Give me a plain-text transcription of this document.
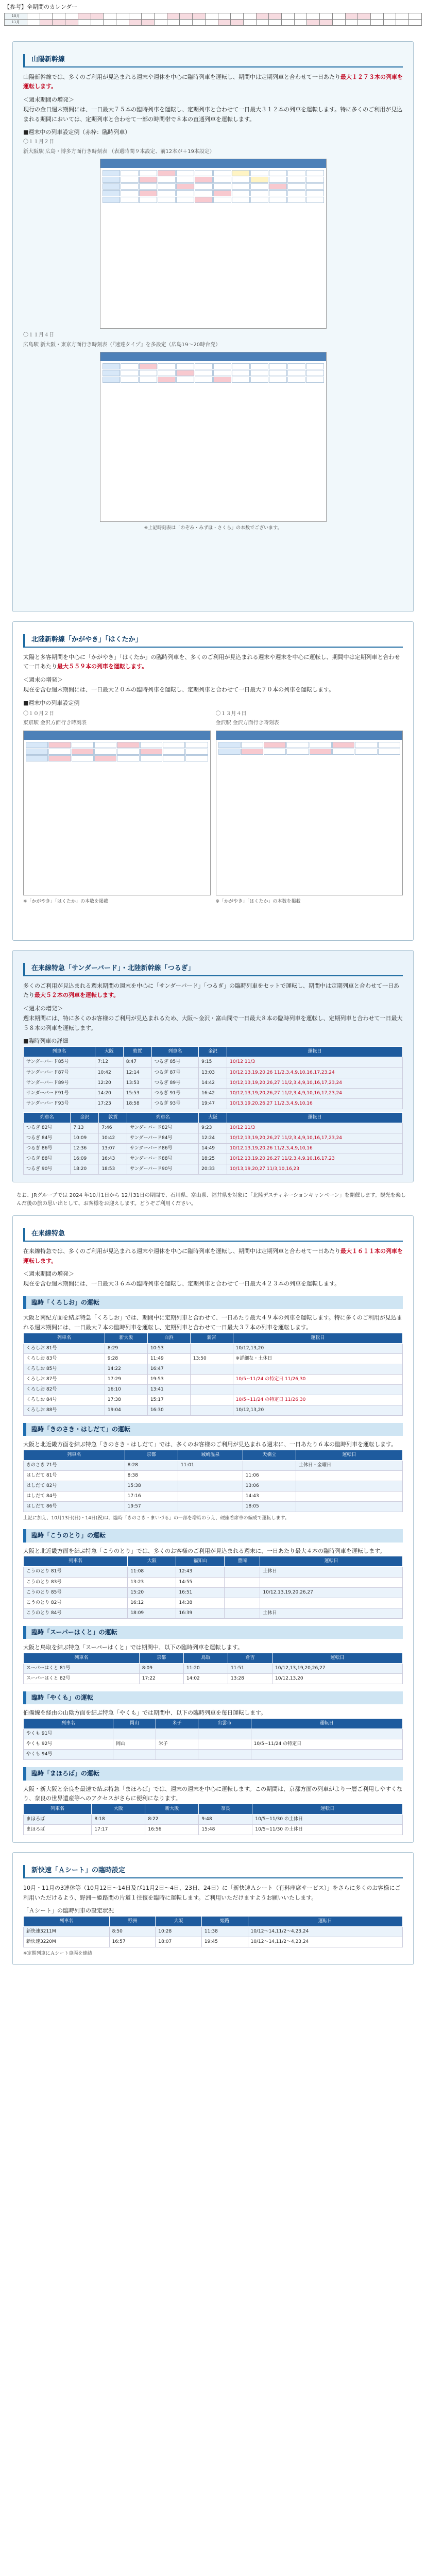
【参考】全期間のカレンダー
10月																															
11月																															
山陽新幹線

山陽新幹線では、多くのご利用が見込まれる週末や週休を中心に臨時列車を運転し、期間中は定期列車と合わせて一日あたり最大１２７３本の列車を運転します。

＜週末期間の増発＞

現行の金日週末期間には、一日最大７５本の臨時列車を運転し、定期列車と合わせて一日最大３１２本の列車を運転します。特に多くのご利用が見込まれる期間においては、定期列車と合わせて一部の時間帯で８本の直通列車を運転します。

■週末中の列車設定例（赤枠：臨時列車）

〇１１月２日

新大阪駅 広島・博多方面行き時刻表 （表過時間９本設定、前12本が＋19本設定）

〇１１月４日

広島駅 新大阪・東京方面行き時刻表（『速達タイプ』を多設定（広島19〜20時台発）

※上記時刻表は「のぞみ・みずほ・さくら」の本数でございます。

北陸新幹線「かがやき」「はくたか」

太陽と多客期間を中心に「かがやき」「はくたか」の臨時列車を、多くのご利用が見込まれる週末や週末を中心に運転し、期間中は定期列車と合わせて一日あたり最大５５９本の列車を運転します。

＜週末の増発＞

現在を含む週末期間には、一日最大２０本の臨時列車を運転し、定期列車と合わせて一日最大７０本の列車を運転します。

■週末中の列車設定例

〇１０月２日

東京駅 金沢方面行き時刻表

※「かがやき」「はくたか」の本数を掲載

〇１３月４日

金沢駅 金沢方面行き時刻表

※「かがやき」「はくたか」の本数を掲載

在来線特急「サンダーバード」・北陸新幹線「つるぎ」

多くのご利用が見込まれる週末期間の週末を中心に「サンダーバード」「つるぎ」の臨時列車をセットで運転し、期間中は定期列車と合わせて一日あたり最大５２本の列車を運転します。

＜週末の増発＞

週末期間には、特に多くのお客様のご利用が見込まれるため、大阪～金沢・富山間で一日最大８本の臨時列車を運転し、定期列車と合わせて一日最大５８本の列車を運転します。

■臨時列車の詳細

列車名	大阪	敦賀	列車名	金沢	運転日
サンダーバード85号	7:12	8:47	つるぎ 85号	9:15	10/12 11/3
サンダーバード87号	10:42	12:14	つるぎ 87号	13:03	10/12,13,19,20,26 11/2,3,4,9,10,16,17,23,24
サンダーバード89号	12:20	13:53	つるぎ 89号	14:42	10/12,13,19,20,26,27 11/2,3,4,9,10,16,17,23,24
サンダーバード91号	14:20	15:53	つるぎ 91号	16:42	10/12,13,19,20,26,27 11/2,3,4,9,10,16,17,23,24
サンダーバード93号	17:23	18:58	つるぎ 93号	19:47	10/13,19,20,26,27 11/2,3,4,9,10,16
列車名	金沢	敦賀	列車名	大阪	運転日
つるぎ 82号	7:13	7:46	サンダーバード82号	9:23	10/12 11/3
つるぎ 84号	10:09	10:42	サンダーバード84号	12:24	10/12,13,19,20,26,27 11/2,3,4,9,10,16,17,23,24
つるぎ 86号	12:36	13:07	サンダーバード86号	14:49	10/12,13,19,20,26 11/2,3,4,9,10,16
つるぎ 88号	16:09	16:43	サンダーバード88号	18:25	10/12,13,19,20,26,27 11/2,3,4,9,10,16,17,23
つるぎ 90号	18:20	18:53	サンダーバード90号	20:33	10/13,19,20,27 11/3,10,16,23

なお、JRグループでは 2024 年10月1日から 12月31日の期間で、石川県、富山県、福井県を対象に「北陸デスティネーションキャンペーン」を開催します。観光を楽しんだ後の旅の思い出として、お客様をお迎えします。どうぞご利用ください。

在来線特急

在来線特急では、多くのご利用が見込まれる週末や週休を中心に臨時列車を運転し、期間中は定期列車と合わせて一日あたり最大１６１１本の列車を運転します。

＜週末期間の増発＞

現在を含む週末期間には、一日最大３６本の臨時列車を運転し、定期列車と合わせて一日最大４２３本の列車を運転します。

臨時「くろしお」の運転

大阪と南紀方面を結ぶ特急「くろしお」では、期間中に定期列車と合わせて、一日あたり最大４９本の列車を運転します。特に多くのご利用が見込まれる週末期間には、一日最大７本の臨時列車を運転し、定期列車と合わせて一日最大３７本の列車を運転します。

列車名	新大阪	白浜	新宮	運転日
くろしお 81号	8:29	10:53		10/12,13,20
くろしお 83号	9:28	11:49	13:50	※詳細な・土休日
くろしお 85号	14:22	16:47		
くろしお 87号	17:29	19:53		10/5~11/24 の特定日 11/26,30
くろしお 82号	16:10	13:41		
くろしお 84号	17:38	15:17		10/5~11/24 の特定日 11/26,30
くろしお 88号	19:04	16:30		10/12,13,20
臨時「きのさき・はしだて」の運転

大阪と北近畿方面を結ぶ特急「きのさき・はしだて」では、多くのお客様のご利用が見込まれる週末に、一日あたり６本の臨時列車を運転します。

列車名	京都	城崎温泉	天橋立	運転日
きのさき 71号	8:28	11:01		土休日・金曜日
はしだて 81号	8:38		11:06	
はしだて 82号	15:38		13:06	
はしだて 84号	17:16		14:43	
はしだて 86号	19:57		18:05	

上記に加え、10月13日(日)・14日(祝)は、臨時「きのさき・まいづる」の一部を増結のうえ、硬座着席車の編成で運転します。

臨時「こうのとり」の運転

大阪と北近畿方面を結ぶ特急「こうのとり」では、多くのお客様のご利用が見込まれる週末に、一日あたり最大４本の臨時列車を運転します。

列車名	大阪	福知山	豊岡	運転日
こうのとり 81号	11:08	12:43		土休日
こうのとり 83号	13:23	14:55		
こうのとり 85号	15:20	16:51		10/12,13,19,20,26,27
こうのとり 82号	16:12	14:38		
こうのとり 84号	18:09	16:39		土休日
臨時「スーパーはくと」の運転

大阪と鳥取を結ぶ特急「スーパーはくと」では期間中、以下の臨時列車を運転します。

列車名	京都	鳥取	倉吉	運転日
スーパーはくと 81号	8:09	11:20	11:51	10/12,13,19,20,26,27
スーパーはくと 82号	17:22	14:02	13:28	10/12,13,20
臨時「やくも」の運転

伯備線を経由の山陰方面を結ぶ特急「やくも」では期間中、以下の臨時列車を毎日運転します。

列車名	岡山	米子	出雲市	運転日
やくも 91号				
やくも 92号	岡山	米子		10/5~11/24 の特定日
やくも 94号				
臨時「まほろば」の運転

大阪・新大阪と奈良を最速で結ぶ特急「まほろば」では、週末の週末を中心に運転します。この期間は、京都方面の列車がより一層ご利用しやすくなり、奈良の世界遺産等へのアクセスがさらに便利になります。

列車名	大阪	新大阪	奈良	運転日
まほろば	8:18	8:22	9:48	10/5~11/30 の土休日
まほろば	17:17	16:56	15:48	10/5~11/30 の土休日
新快速「Ａシート」の臨時設定

10月・11月の3連休等（10月12日〜14日及び11月2日〜4日、23日、24日）に「新快速Ａシート（有料座席サービス）」をさらに多くのお客様にご利用いただけるよう、野洲〜姫路間の片道１往復を臨時に運転します。ご利用いただけますようお願いいたします。

「Ａシート」の臨時列車の設定状況

列車名	野洲	大阪	姫路	運転日
新快速3211M	8:50	10:28	11:38	10/12～14,11/2～4,23,24
新快速3220M	16:57	18:07	19:45	10/12～14,11/2～4,23,24

※定期列車にＡシート車両を連結
